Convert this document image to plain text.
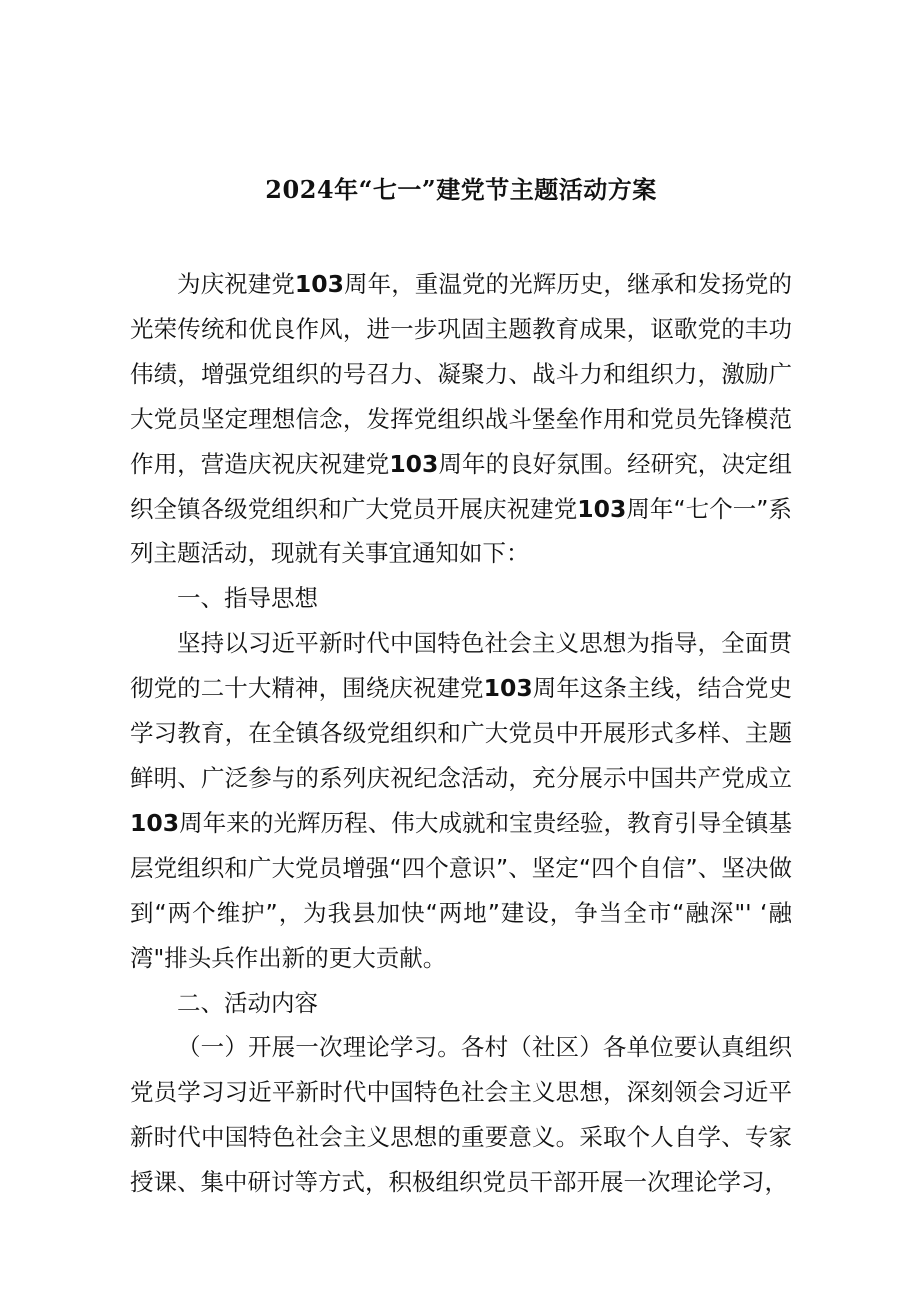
2024年“七一”建党节主题活动方案

为庆祝建党103周年，重温党的光辉历史，继承和发扬党的光荣传统和优良作风，进一步巩固主题教育成果，讴歌党的丰功伟绩，增强党组织的号召力、凝聚力、战斗力和组织力，激励广大党员坚定理想信念，发挥党组织战斗堡垒作用和党员先锋模范作用，营造庆祝庆祝建党103周年的良好氛围。经研究，决定组织全镇各级党组织和广大党员开展庆祝建党103周年“七个一”系列主题活动，现就有关事宜通知如下：

一、指导思想

坚持以习近平新时代中国特色社会主义思想为指导，全面贯彻党的二十大精神，围绕庆祝建党103周年这条主线，结合党史学习教育，在全镇各级党组织和广大党员中开展形式多样、主题鲜明、广泛参与的系列庆祝纪念活动，充分展示中国共产党成立103周年来的光辉历程、伟大成就和宝贵经验，教育引导全镇基层党组织和广大党员增强“四个意识”、坚定“四个自信”、坚决做到“两个维护”，为我县加快“两地”建设，争当全市“融深"' ‘融湾"排头兵作出新的更大贡献。

二、活动内容

（一）开展一次理论学习。各村（社区）各单位要认真组织党员学习习近平新时代中国特色社会主义思想，深刻领会习近平新时代中国特色社会主义思想的重要意义。采取个人自学、专家授课、集中研讨等方式，积极组织党员干部开展一次理论学习，
